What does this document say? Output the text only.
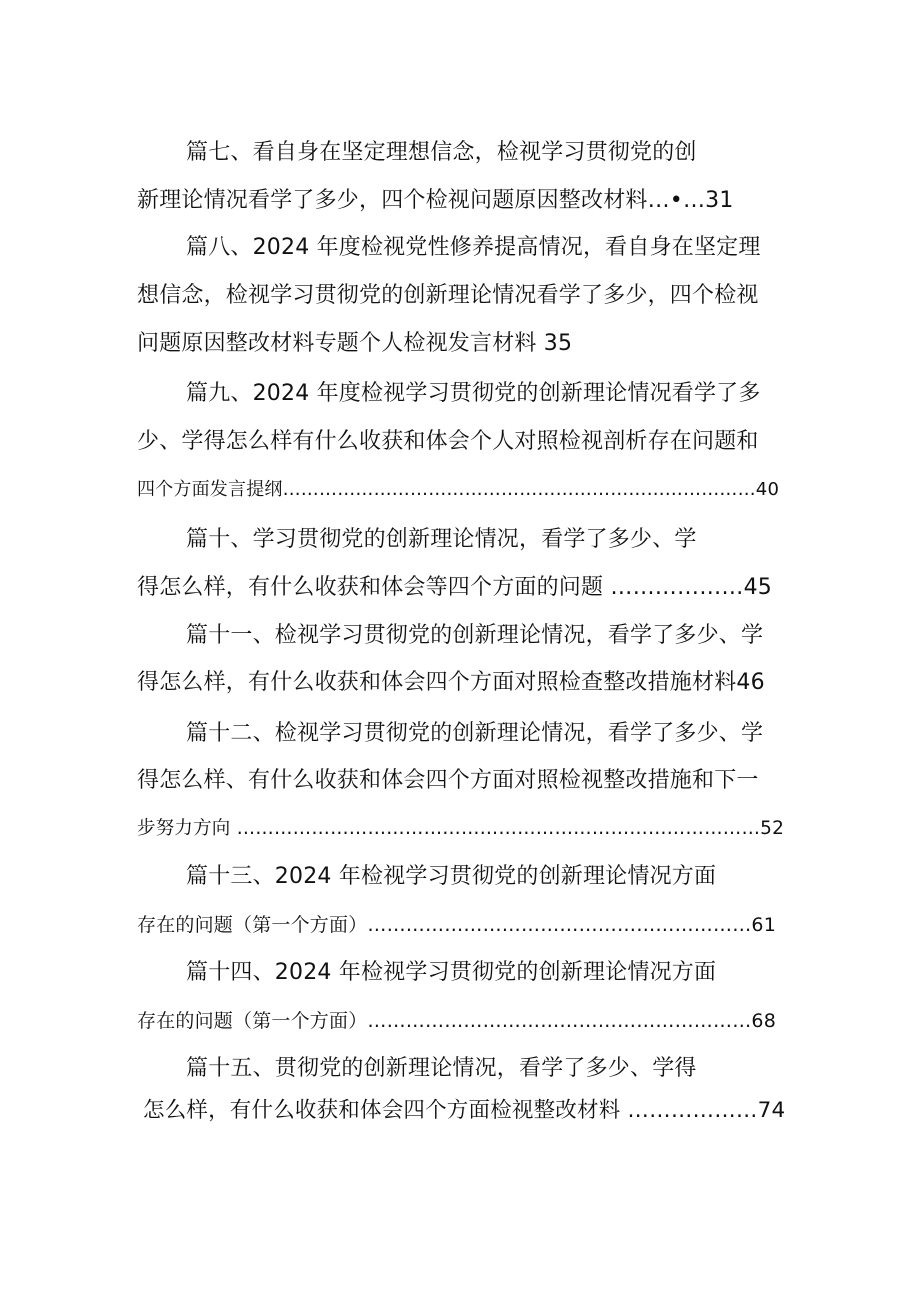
篇七、看自身在坚定理想信念，检视学习贯彻党的创
新理论情况看学了多少，四个检视问题原因整改材料…•…31
篇八、2024 年度检视党性修养提高情况，看自身在坚定理
想信念，检视学习贯彻党的创新理论情况看学了多少，四个检视
问题原因整改材料专题个人检视发言材料 35
篇九、2024 年度检视学习贯彻党的创新理论情况看学了多
少、学得怎么样有什么收获和体会个人对照检视剖析存在问题和
四个方面发言提纲……………………………………………………………………40
篇十、学习贯彻党的创新理论情况，看学了多少、学
得怎么样，有什么收获和体会等四个方面的问题 ………………45
篇十一、检视学习贯彻党的创新理论情况，看学了多少、学
得怎么样，有什么收获和体会四个方面对照检查整改措施材料46
篇十二、检视学习贯彻党的创新理论情况，看学了多少、学
得怎么样、有什么收获和体会四个方面对照检视整改措施和下一
步努力方向 …………………………………………………………………………52
篇十三、2024 年检视学习贯彻党的创新理论情况方面
存在的问题（第一个方面）……………………………………………………61
篇十四、2024 年检视学习贯彻党的创新理论情况方面
存在的问题（第一个方面）……………………………………………………68
篇十五、贯彻党的创新理论情况，看学了多少、学得
怎么样，有什么收获和体会四个方面检视整改材料 ………………74
